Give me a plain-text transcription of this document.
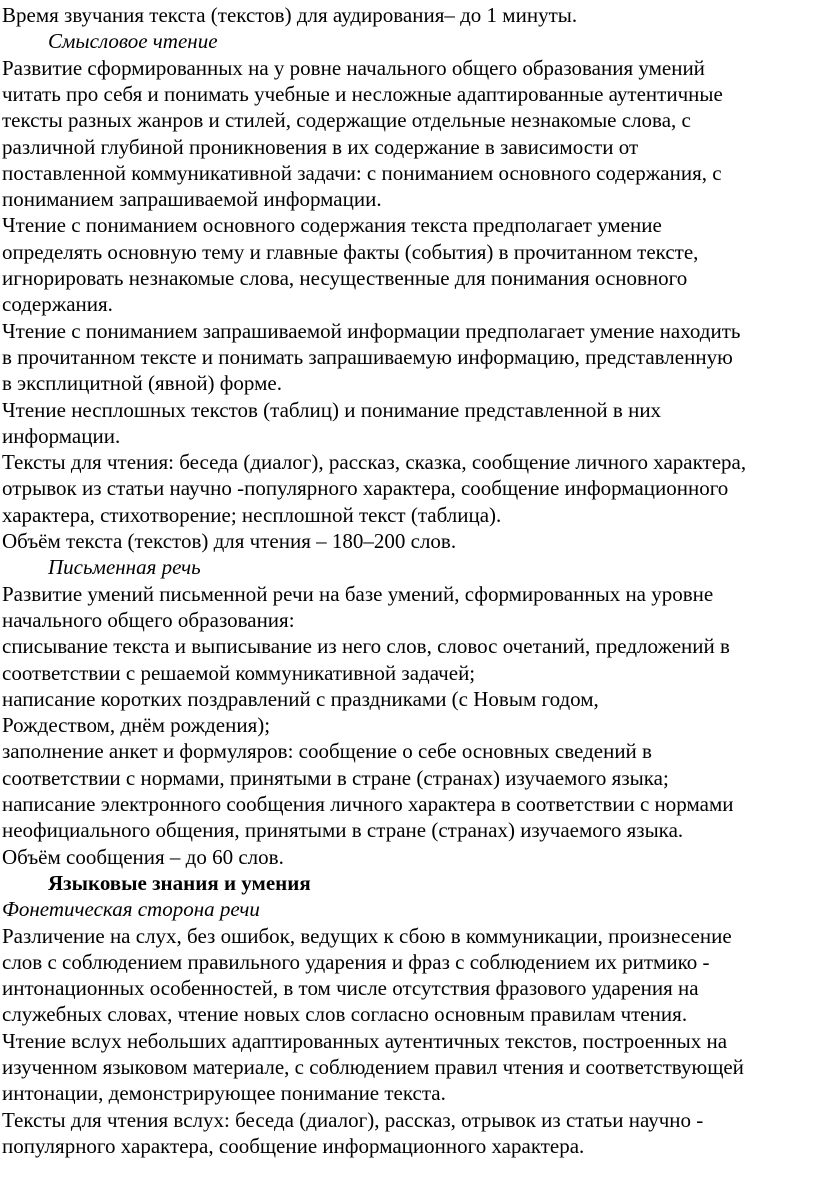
Время звучания текста (текстов) для аудирования– до 1 минуты.
Смысловое чтение
Развитие сформированных на у ровне начального общего образования умений
читать про себя и понимать учебные и несложные адаптированные аутентичные
тексты разных жанров и стилей, содержащие отдельные незнакомые слова, с
различной глубиной проникновения в их содержание в зависимости от
поставленной коммуникативной задачи: с пониманием основного содержания, с
пониманием запрашиваемой информации.
Чтение с пониманием основного содержания текста предполагает умение
определять основную тему и главные факты (события) в прочитанном тексте,
игнорировать незнакомые слова, несущественные для понимания основного
содержания.
Чтение с пониманием запрашиваемой информации предполагает умение находить
в прочитанном тексте и понимать запрашиваемую информацию, представленную
в эксплицитной (явной) форме.
Чтение несплошных текстов (таблиц) и понимание представленной в них
информации.
Тексты для чтения: беседа (диалог), рассказ, сказка, сообщение личного характера,
отрывок из статьи научно -популярного характера, сообщение информационного
характера, стихотворение; несплошной текст (таблица).
Объём текста (текстов) для чтения – 180–200 слов.
Письменная речь
Развитие умений письменной речи на базе умений, сформированных на уровне
начального общего образования:
списывание текста и выписывание из него слов, словос очетаний, предложений в
соответствии с решаемой коммуникативной задачей;
написание коротких поздравлений с праздниками (с Новым годом,
Рождеством, днём рождения);
заполнение анкет и формуляров: сообщение о себе основных сведений в
соответствии с нормами, принятыми в стране (странах) изучаемого языка;
написание электронного сообщения личного характера в соответствии с нормами
неофициального общения, принятыми в стране (странах) изучаемого языка.
Объём сообщения – до 60 слов.
Языковые знания и умения
Фонетическая сторона речи
Различение на слух, без ошибок, ведущих к сбою в коммуникации, произнесение
слов с соблюдением правильного ударения и фраз с соблюдением их ритмико -
интонационных особенностей, в том числе отсутствия фразового ударения на
служебных словах, чтение новых слов согласно основным правилам чтения.
Чтение вслух небольших адаптированных аутентичных текстов, построенных на
изученном языковом материале, с соблюдением правил чтения и соответствующей
интонации, демонстрирующее понимание текста.
Тексты для чтения вслух: беседа (диалог), рассказ, отрывок из статьи научно -
популярного характера, сообщение информационного характера.
